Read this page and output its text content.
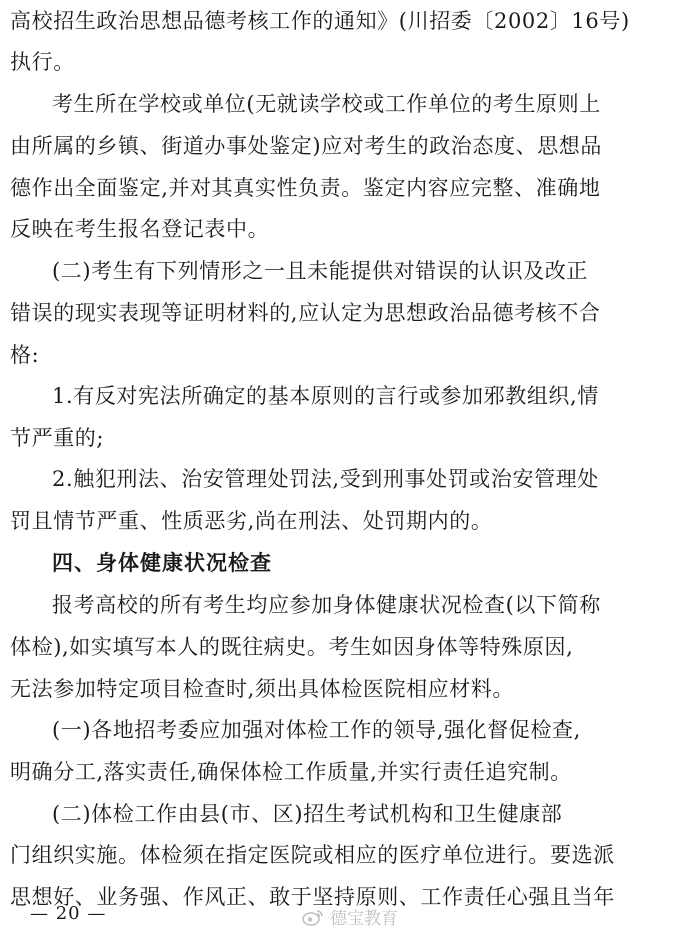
高校招生政治思想品德考核工作的通知》(川招委〔2002〕16号)
执行。
考生所在学校或单位(无就读学校或工作单位的考生原则上
由所属的乡镇、街道办事处鉴定)应对考生的政治态度、思想品
德作出全面鉴定,并对其真实性负责。鉴定内容应完整、准确地
反映在考生报名登记表中。
(二)考生有下列情形之一且未能提供对错误的认识及改正
错误的现实表现等证明材料的,应认定为思想政治品德考核不合
格:
1.有反对宪法所确定的基本原则的言行或参加邪教组织,情
节严重的;
2.触犯刑法、治安管理处罚法,受到刑事处罚或治安管理处
罚且情节严重、性质恶劣,尚在刑法、处罚期内的。
四、身体健康状况检查
报考高校的所有考生均应参加身体健康状况检查(以下简称
体检),如实填写本人的既往病史。考生如因身体等特殊原因,
无法参加特定项目检查时,须出具体检医院相应材料。
(一)各地招考委应加强对体检工作的领导,强化督促检查,
明确分工,落实责任,确保体检工作质量,并实行责任追究制。
(二)体检工作由县(市、区)招生考试机构和卫生健康部
门组织实施。体检须在指定医院或相应的医疗单位进行。要选派
思想好、业务强、作风正、敢于坚持原则、工作责任心强且当年
— 20 —	德宝教育
